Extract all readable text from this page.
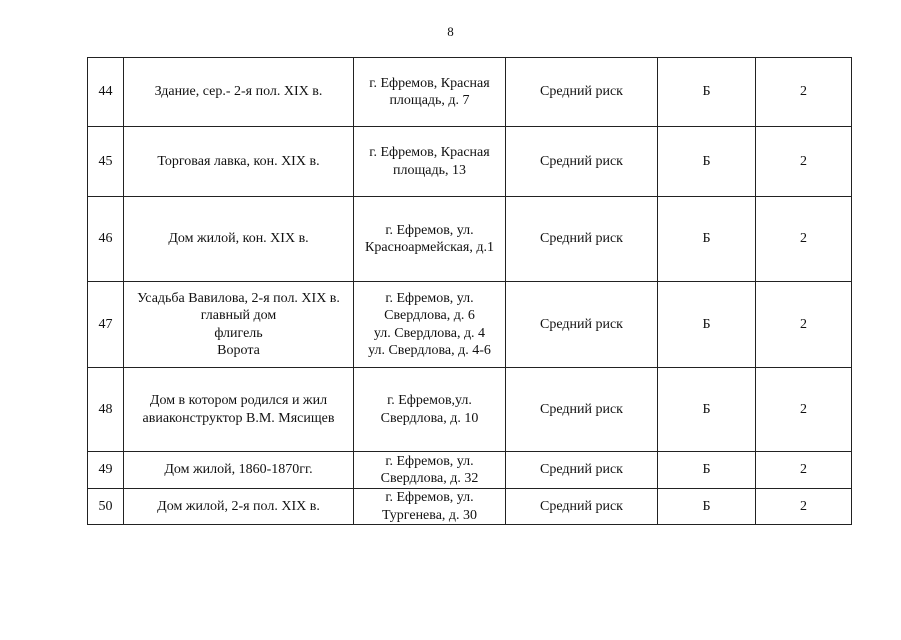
8
44	Здание, сер.- 2-я пол. XIX в.	г. Ефремов, Красная
площадь, д. 7	Средний риск	Б	2
45	Торговая лавка, кон. XIX в.	г. Ефремов, Красная
площадь, 13	Средний риск	Б	2
46	Дом жилой, кон. XIX в.	г. Ефремов, ул.
Красноармейская, д.1	Средний риск	Б	2
47	Усадьба Вавилова, 2-я пол. XIX в.
главный дом
флигель
Ворота	г. Ефремов, ул.
Свердлова, д. 6
ул. Свердлова, д. 4
ул. Свердлова, д. 4-6	Средний риск	Б	2
48	Дом в котором родился и жил
авиаконструктор В.М. Мясищев	г. Ефремов,ул.
Свердлова, д. 10	Средний риск	Б	2
49	Дом жилой, 1860-1870гг.	г. Ефремов, ул.
Свердлова, д. 32	Средний риск	Б	2
50	Дом жилой, 2-я пол. XIX в.	г. Ефремов, ул.
Тургенева, д. 30	Средний риск	Б	2
